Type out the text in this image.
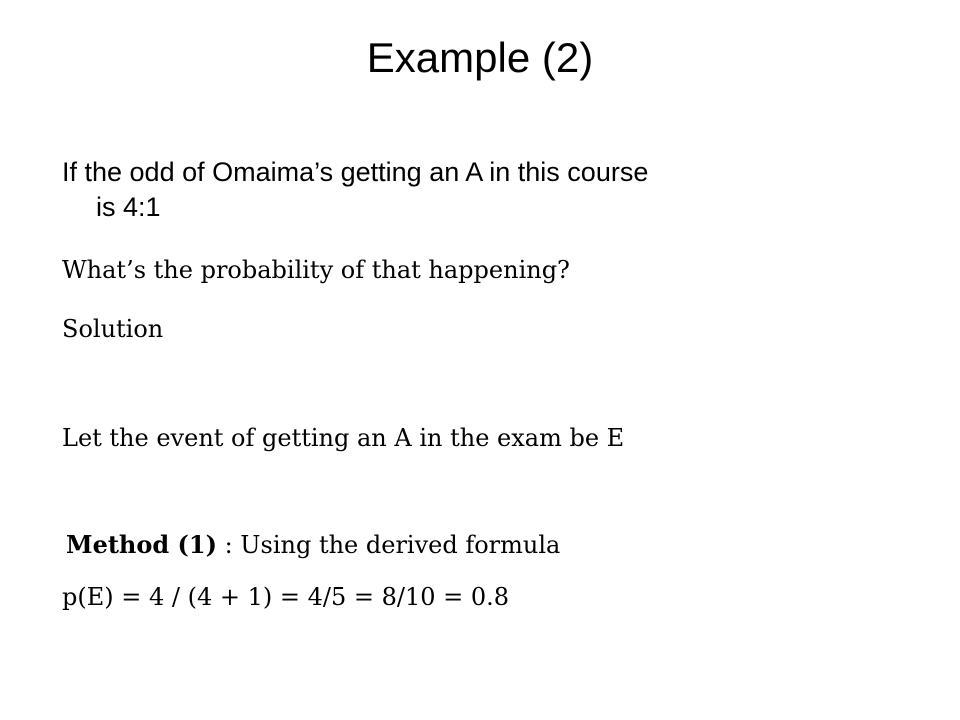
Example (2)

If the odd of Omaima’s getting an A in this course

is 4:1

What’s the probability of that happening?

Solution

Let the event of getting an A in the exam be E

Method (1) : Using the derived formula

p(E) = 4 / (4 + 1) = 4/5 = 8/10 = 0.8
